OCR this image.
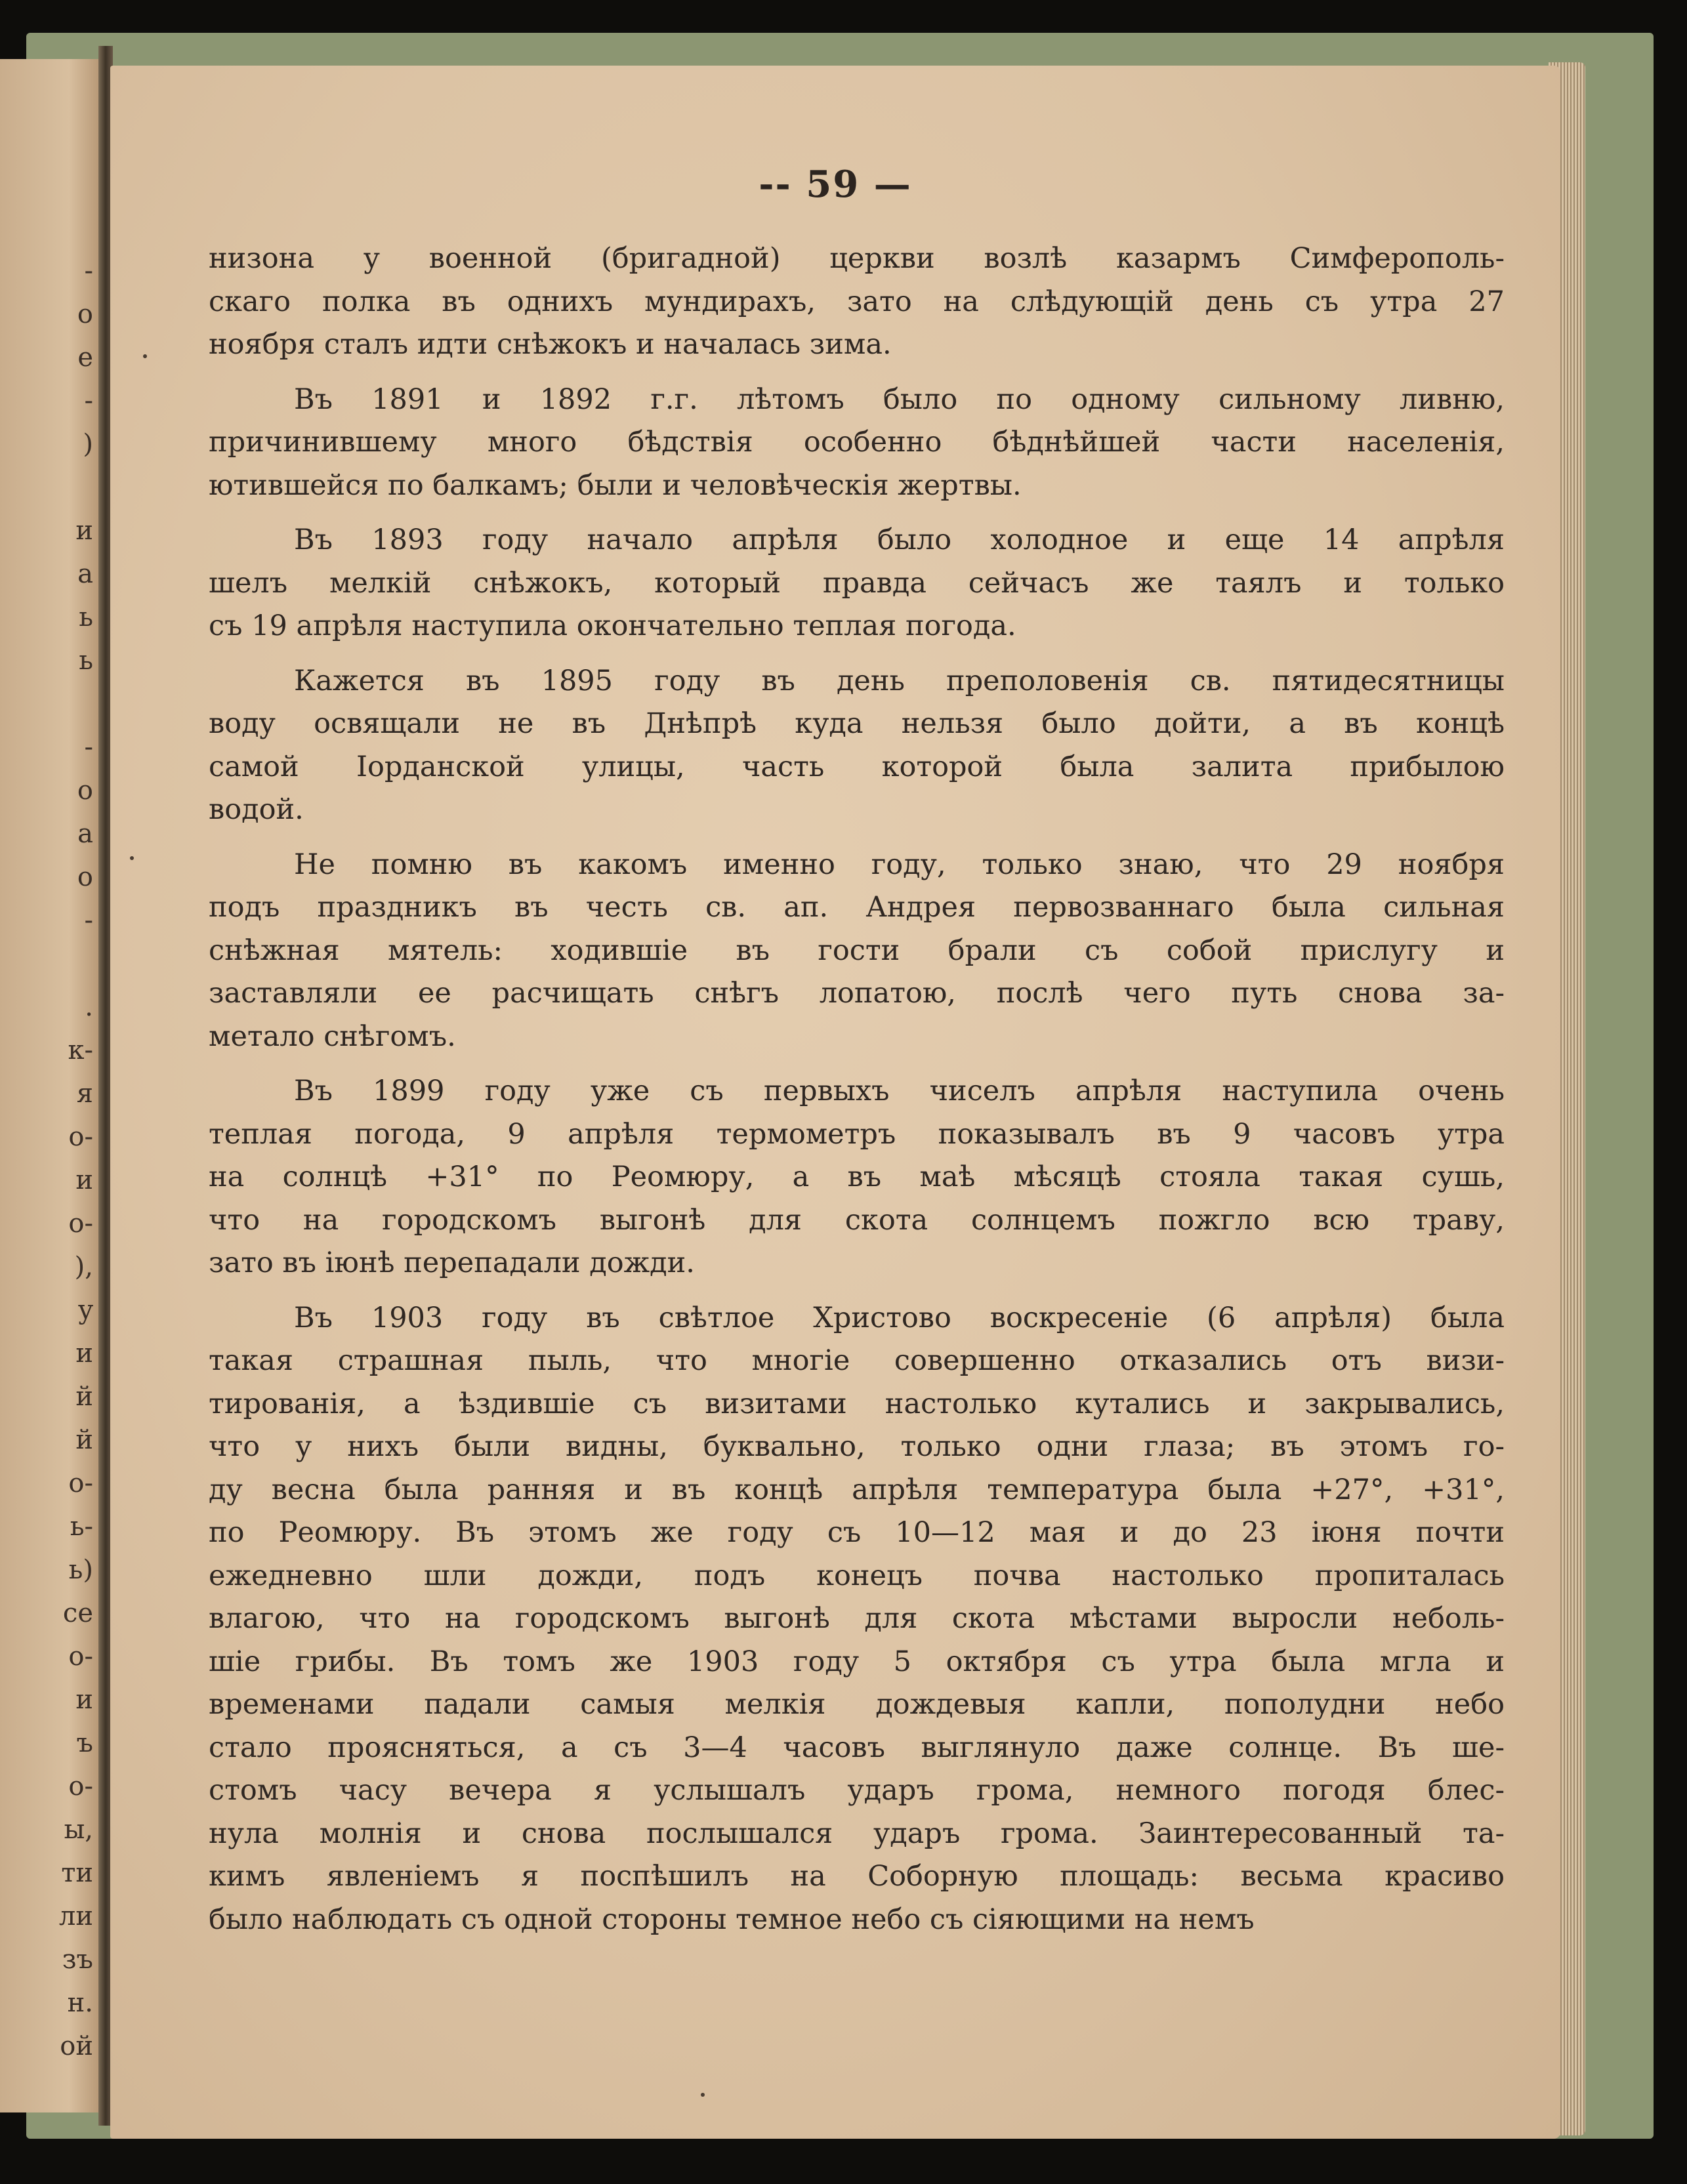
-
o
e
-
)
и
a
ь
ь
-
o
a
o
-
.
к-
я
o-
и
o-
),
y
и
й
й
o-
ь-
ь)
ce
o-
и
ъ
o-
ы,
ти
ли
зъ
н.
ой
-- 59 —
низона у военной (бригадной) церкви возлѣ казармъ Симферополь-
скаго полка въ однихъ мундирахъ, зато на слѣдующій день съ утра 27
ноября сталъ идти снѣжокъ и началась зима.
Въ 1891 и 1892 г.г. лѣтомъ было по одному сильному ливню,
причинившему много бѣдствія особенно бѣднѣйшей части населенія,
ютившейся по балкамъ; были и человѣческія жертвы.
Въ 1893 году начало апрѣля было холодное и еще 14 апрѣля
шелъ мелкій снѣжокъ, который правда сейчасъ же таялъ и только
съ 19 апрѣля наступила окончательно теплая погода.
Кажется въ 1895 году въ день преполовенія св. пятидесятницы
воду освящали не въ Днѣпрѣ куда нельзя было дойти, а въ концѣ
самой Іорданской улицы, часть которой была залита прибылою
водой.
Не помню въ какомъ именно году, только знаю, что 29 ноября
подъ праздникъ въ честь св. ап. Андрея первозваннаго была сильная
снѣжная мятель: ходившіе въ гости брали съ собой прислугу и
заставляли ее расчищать снѣгъ лопатою, послѣ чего путь снова за-
метало снѣгомъ.
Въ 1899 году уже съ первыхъ чиселъ апрѣля наступила очень
теплая погода, 9 апрѣля термометръ показывалъ въ 9 часовъ утра
на солнцѣ +31° по Реомюру, а въ маѣ мѣсяцѣ стояла такая сушь,
что на городскомъ выгонѣ для скота солнцемъ пожгло всю траву,
зато въ іюнѣ перепадали дожди.
Въ 1903 году въ свѣтлое Христово воскресеніе (6 апрѣля) была
такая страшная пыль, что многіе совершенно отказались отъ визи-
тированія, а ѣздившіе съ визитами настолько кутались и закрывались,
что у нихъ были видны, буквально, только одни глаза; въ этомъ го-
ду весна была ранняя и въ концѣ апрѣля температура была +27°, +31°,
по Реомюру. Въ этомъ же году съ 10—12 мая и до 23 іюня почти
ежедневно шли дожди, подъ конецъ почва настолько пропиталась
влагою, что на городскомъ выгонѣ для скота мѣстами выросли неболь-
шіе грибы. Въ томъ же 1903 году 5 октября съ утра была мгла и
временами падали самыя мелкія дождевыя капли, пополудни небо
стало проясняться, а съ 3—4 часовъ выглянуло даже солнце. Въ ше-
стомъ часу вечера я услышалъ ударъ грома, немного погодя блес-
нула молнія и снова послышался ударъ грома. Заинтересованный та-
кимъ явленіемъ я поспѣшилъ на Соборную площадь: весьма красиво
было наблюдать съ одной стороны темное небо съ сіяющими на немъ
